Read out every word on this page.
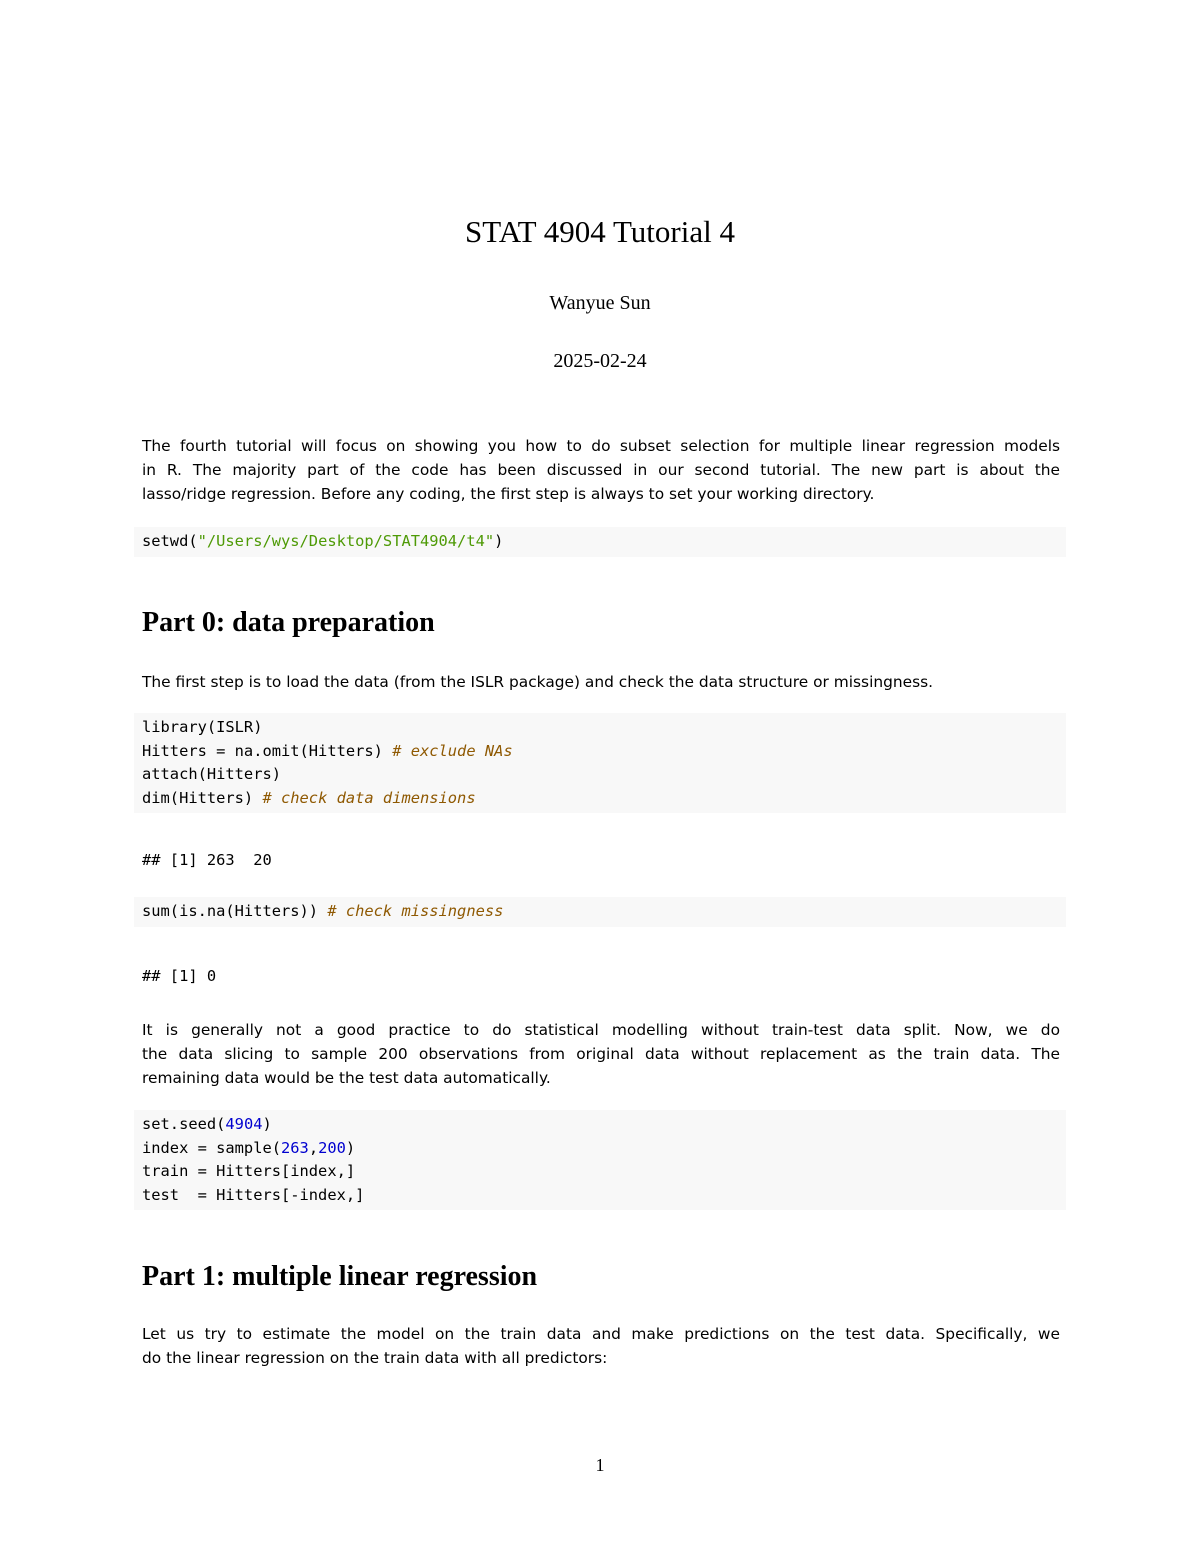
STAT 4904 Tutorial 4
Wanyue Sun
2025-02-24

The fourth tutorial will focus on showing you how to do subset selection for multiple linear regression models
in R. The majority part of the code has been discussed in our second tutorial. The new part is about the
lasso/ridge regression. Before any coding, the first step is always to set your working directory.

setwd("/Users/wys/Desktop/STAT4904/t4")
Part 0: data preparation

The first step is to load the data (from the ISLR package) and check the data structure or missingness.

library(ISLR)
Hitters = na.omit(Hitters) # exclude NAs
attach(Hitters)
dim(Hitters) # check data dimensions
## [1] 263  20
sum(is.na(Hitters)) # check missingness
## [1] 0

It is generally not a good practice to do statistical modelling without train-test data split. Now, we do
the data slicing to sample 200 observations from original data without replacement as the train data. The
remaining data would be the test data automatically.

set.seed(4904)
index = sample(263,200)
train = Hitters[index,]
test  = Hitters[-index,]
Part 1: multiple linear regression

Let us try to estimate the model on the train data and make predictions on the test data. Specifically, we
do the linear regression on the train data with all predictors:

1
